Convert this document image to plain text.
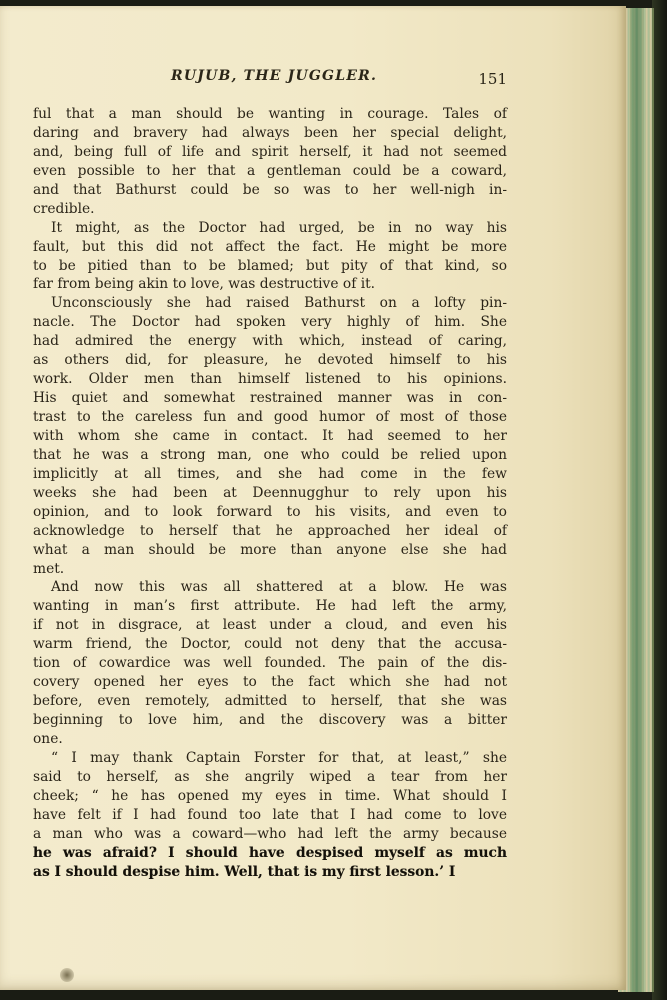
RUJUB, THE JUGGLER.	151
ful that a man should be wanting in courage. Tales of
daring and bravery had always been her special delight,
and, being full of life and spirit herself, it had not seemed
even possible to her that a gentleman could be a coward,
and that Bathurst could be so was to her well-nigh in-
credible.
It might, as the Doctor had urged, be in no way his
fault, but this did not affect the fact. He might be more
to be pitied than to be blamed; but pity of that kind, so
far from being akin to love, was destructive of it.
Unconsciously she had raised Bathurst on a lofty pin-
nacle. The Doctor had spoken very highly of him. She
had admired the energy with which, instead of caring,
as others did, for pleasure, he devoted himself to his
work. Older men than himself listened to his opinions.
His quiet and somewhat restrained manner was in con-
trast to the careless fun and good humor of most of those
with whom she came in contact. It had seemed to her
that he was a strong man, one who could be relied upon
implicitly at all times, and she had come in the few
weeks she had been at Deennugghur to rely upon his
opinion, and to look forward to his visits, and even to
acknowledge to herself that he approached her ideal of
what a man should be more than anyone else she had
met.
And now this was all shattered at a blow. He was
wanting in man’s first attribute. He had left the army,
if not in disgrace, at least under a cloud, and even his
warm friend, the Doctor, could not deny that the accusa-
tion of cowardice was well founded. The pain of the dis-
covery opened her eyes to the fact which she had not
before, even remotely, admitted to herself, that she was
beginning to love him, and the discovery was a bitter
one.
“ I may thank Captain Forster for that, at least,” she
said to herself, as she angrily wiped a tear from her
cheek; “ he has opened my eyes in time. What should I
have felt if I had found too late that I had come to love
a man who was a coward—who had left the army because
he was afraid? I should have despised myself as much
as I should despise him. Well, that is my first lesson.’ I
